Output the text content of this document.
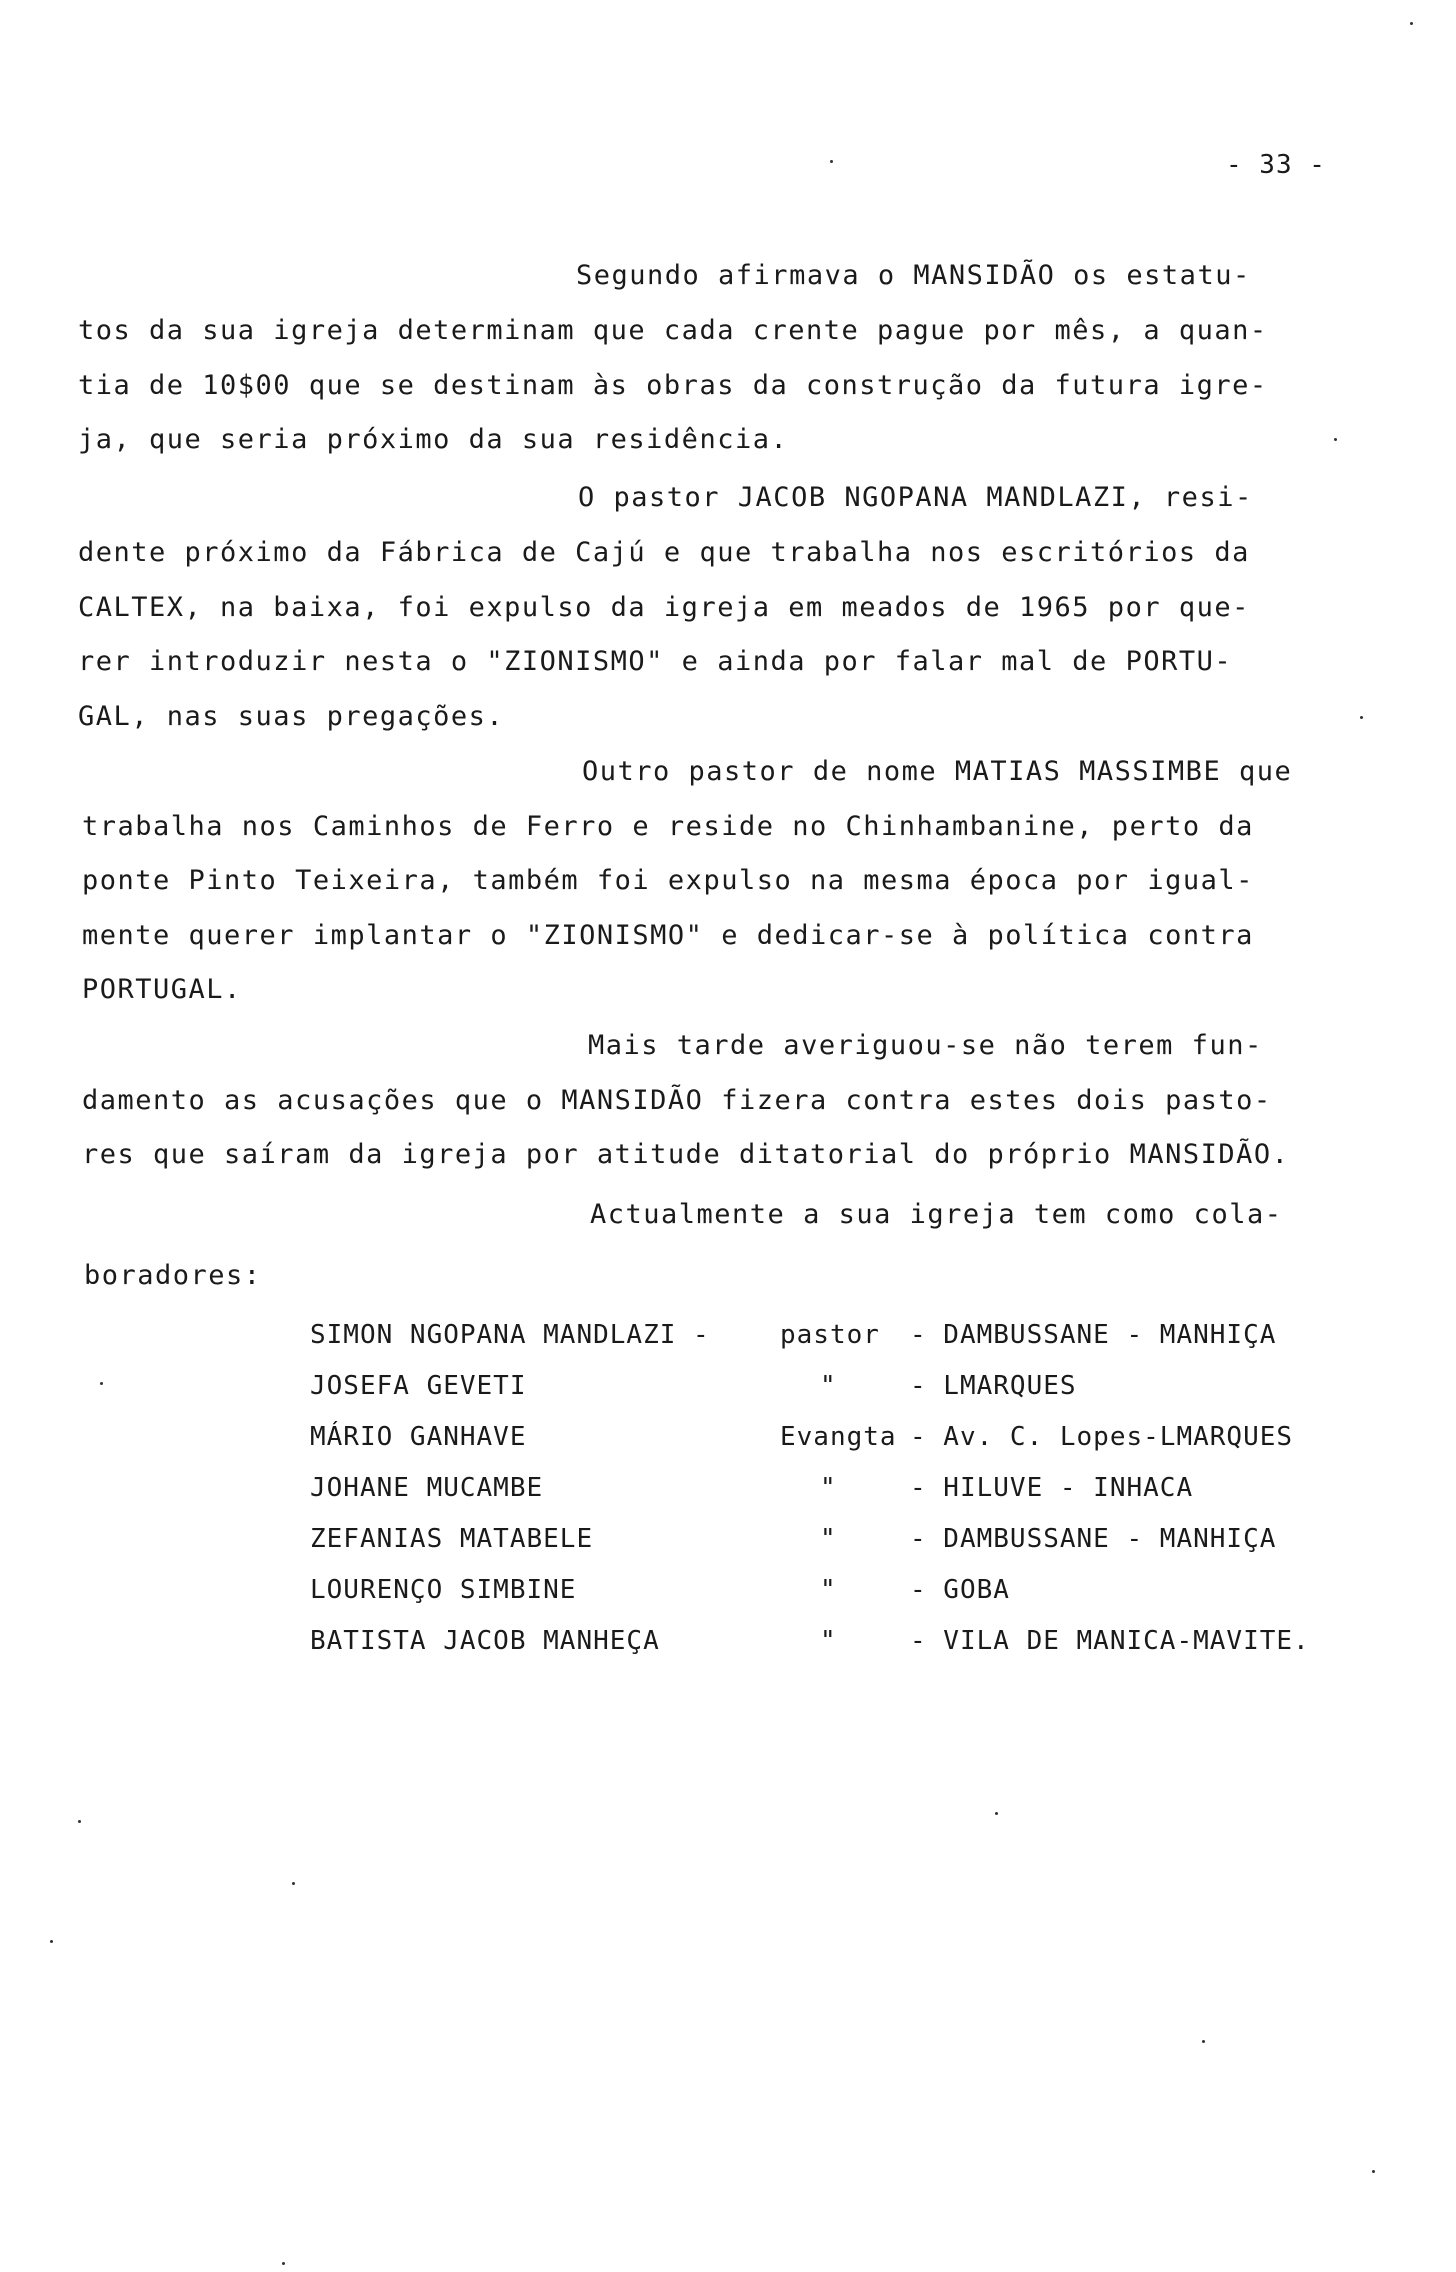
- 33 -
Segundo afirmava o MANSIDÃO os estatu-
tos da sua igreja determinam que cada crente pague por mês, a quan-
tia de 10$00 que se destinam às obras da construção da futura igre-
ja, que seria próximo da sua residência.
O pastor JACOB NGOPANA MANDLAZI, resi-
dente próximo da Fábrica de Cajú e que trabalha nos escritórios da
CALTEX, na baixa, foi expulso da igreja em meados de 1965 por que-
rer introduzir nesta o "ZIONISMO" e ainda por falar mal de PORTU-
GAL, nas suas pregações.
Outro pastor de nome MATIAS MASSIMBE que
trabalha nos Caminhos de Ferro e reside no Chinhambanine, perto da
ponte Pinto Teixeira, também foi expulso na mesma época por igual-
mente querer implantar o "ZIONISMO" e dedicar-se à política contra
PORTUGAL.
Mais tarde averiguou-se não terem fun-
damento as acusações que o MANSIDÃO fizera contra estes dois pasto-
res que saíram da igreja por atitude ditatorial do próprio MANSIDÃO.
Actualmente a sua igreja tem como cola-
boradores:
SIMON NGOPANA MANDLAZI -	pastor - DAMBUSSANE - MANHIÇA
JOSEFA GEVETI	"	- LMARQUES
MÁRIO GANHAVE	Evangta - Av. C. Lopes-LMARQUES
JOHANE MUCAMBE	"	- HILUVE - INHACA
ZEFANIAS MATABELE	"	- DAMBUSSANE - MANHIÇA
LOURENÇO SIMBINE	"	- GOBA
BATISTA JACOB MANHEÇA	"	- VILA DE MANICA-MAVITE.
